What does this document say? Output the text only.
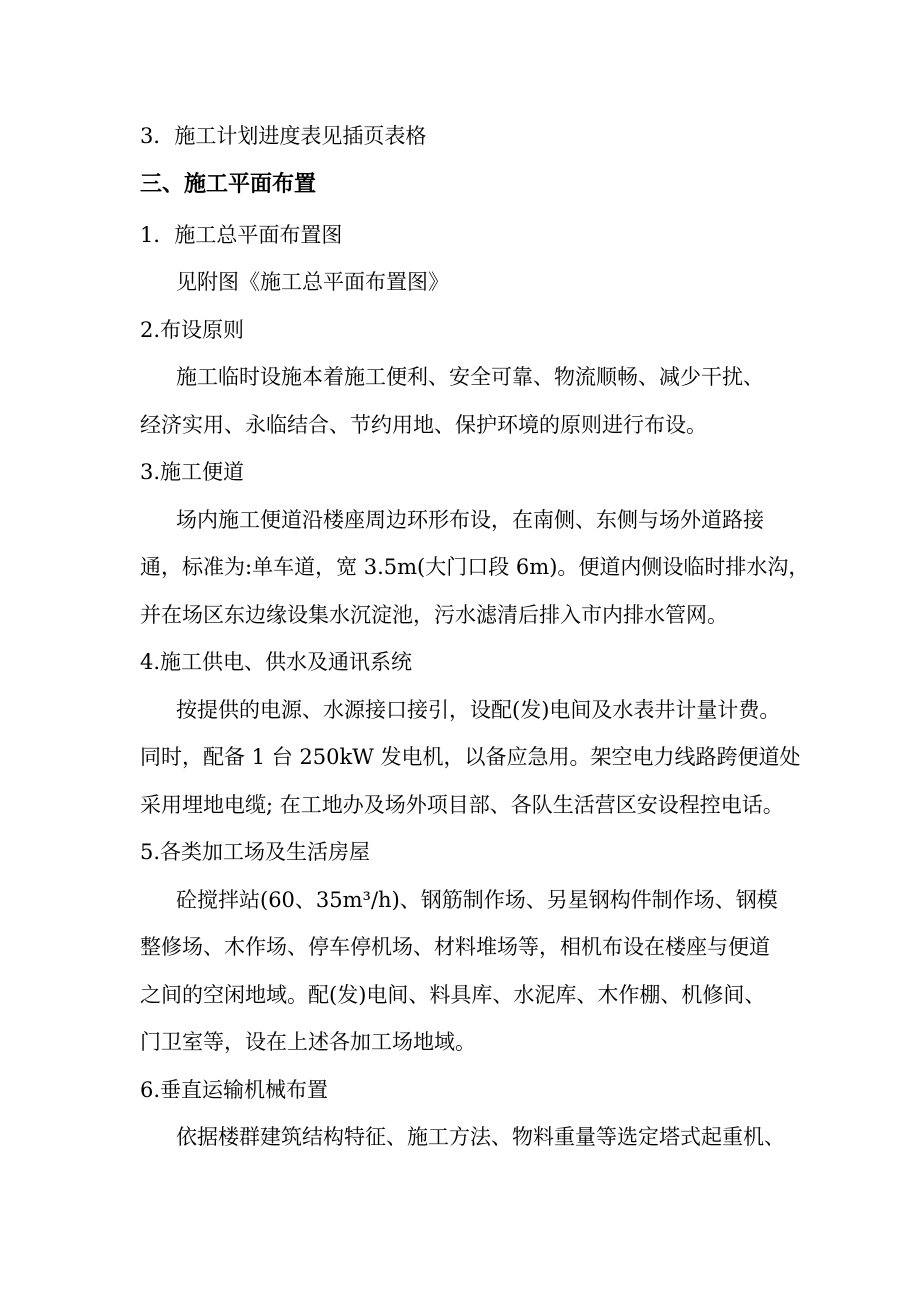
3．施工计划进度表见插页表格
三、施工平面布置
1．施工总平面布置图
见附图《施工总平面布置图》
2.布设原则
施工临时设施本着施工便利、安全可靠、物流顺畅、减少干扰、
经济实用、永临结合、节约用地、保护环境的原则进行布设。
3.施工便道
场内施工便道沿楼座周边环形布设，在南侧、东侧与场外道路接
通，标准为:单车道，宽 3.5m(大门口段 6m)。便道内侧设临时排水沟，
并在场区东边缘设集水沉淀池，污水滤清后排入市内排水管网。
4.施工供电、供水及通讯系统
按提供的电源、水源接口接引，设配(发)电间及水表井计量计费。
同时，配备 1 台 250kW 发电机，以备应急用。架空电力线路跨便道处
采用埋地电缆; 在工地办及场外项目部、各队生活营区安设程控电话。
5.各类加工场及生活房屋
砼搅拌站(60、35m³/h)、钢筋制作场、另星钢构件制作场、钢模
整修场、木作场、停车停机场、材料堆场等，相机布设在楼座与便道
之间的空闲地域。配(发)电间、料具库、水泥库、木作棚、机修间、
门卫室等，设在上述各加工场地域。
6.垂直运输机械布置
依据楼群建筑结构特征、施工方法、物料重量等选定塔式起重机、
